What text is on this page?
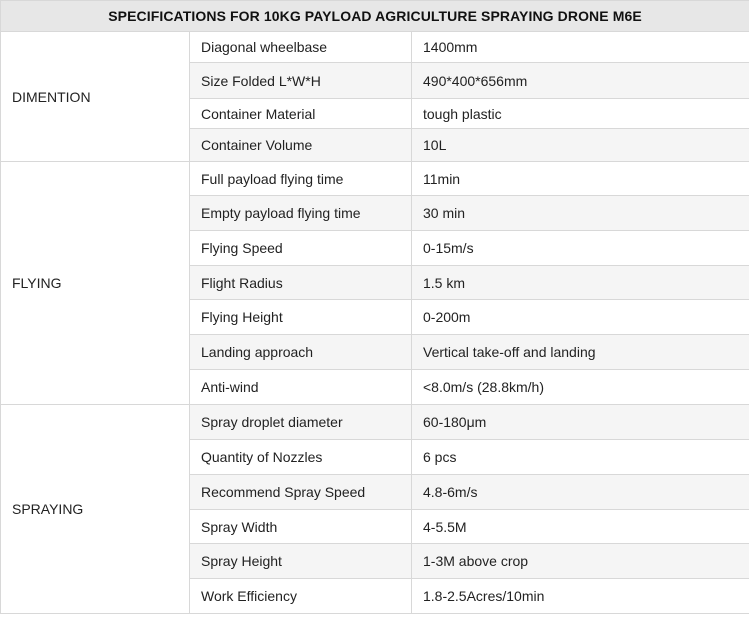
SPECIFICATIONS FOR 10KG PAYLOAD AGRICULTURE SPRAYING DRONE M6E		
DIMENTION	Diagonal wheelbase	1400mm
	Size Folded L*W*H	490*400*656mm
	Container Material	tough plastic
	Container Volume	10L
FLYING	Full payload flying time	11min
	Empty payload flying time	30 min
	Flying Speed	0-15m/s
	Flight Radius	1.5 km
	Flying Height	0-200m
	Landing approach	Vertical take-off and landing
	Anti-wind	<8.0m/s (28.8km/h)
SPRAYING	Spray droplet diameter	60-180μm
	Quantity of Nozzles	6 pcs
	Recommend Spray Speed	4.8-6m/s
	Spray Width	4-5.5M
	Spray Height	1-3M above crop
	Work Efficiency	1.8-2.5Acres/10min
